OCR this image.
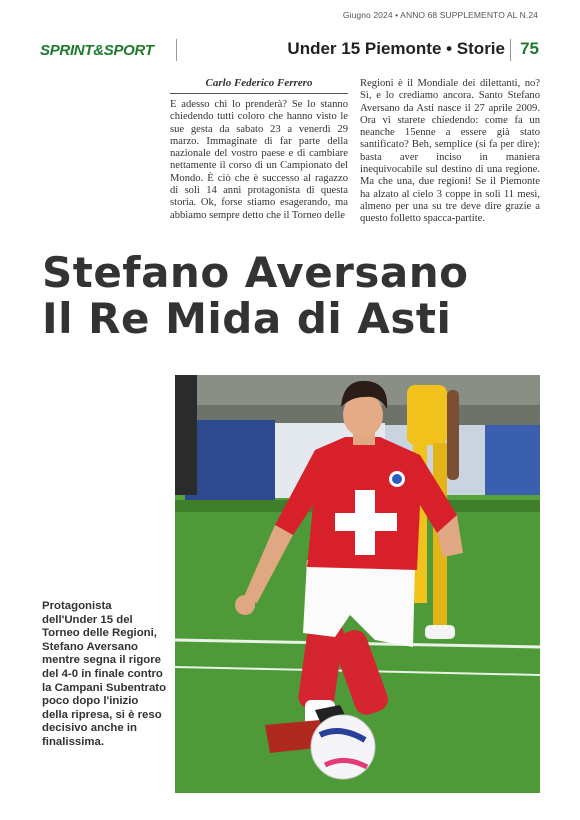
Giugno 2024 • ANNO 68 SUPPLEMENTO AL N.24
SPRINT&SPORT	Under 15 Piemonte • Storie 75
Carlo Federico Ferrero
E adesso chi lo prenderà? Se lo stanno chiedendo tutti coloro che hanno visto le sue gesta da sabato 23 a venerdì 29 marzo. Immaginate di far parte della nazionale del vostro paese e di cambiare nettamente il corso di un Campionato del Mondo. È ciò che è successo al ragazzo di soli 14 anni protagonista di questa storia. Ok, forse stiamo esagerando, ma abbiamo sempre detto che il Torneo delle
Regioni è il Mondiale dei dilettanti, no? Sì, e lo crediamo ancora. Santo Stefano Aversano da Asti nasce il 27 aprile 2009. Ora vi starete chiedendo: come fa un neanche 15enne a essere già stato santificato? Beh, semplice (si fa per dire): basta aver inciso in maniera inequivocabile sul destino di una regione. Ma che una, due regioni! Se il Piemonte ha alzato al cielo 3 coppe in soli 11 mesi, almeno per una su tre deve dire grazie a questo folletto spacca-partite.
Stefano Aversano
Il Re Mida di Asti
Protagonista dell'Under 15 del Torneo delle Regioni, Stefano Aversano mentre segna il rigore del 4-0 in finale contro la Campani Subentrato poco dopo l'inizio della ripresa, si è reso decisivo anche in finalissima.
